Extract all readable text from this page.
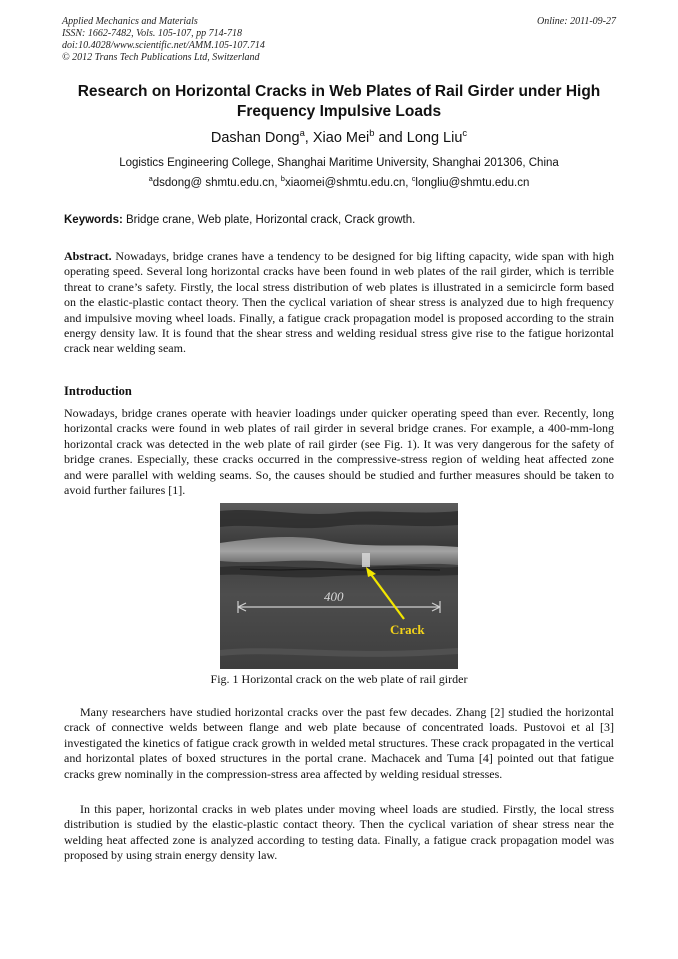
Applied Mechanics and Materials
ISSN: 1662-7482, Vols. 105-107, pp 714-718
doi:10.4028/www.scientific.net/AMM.105-107.714
© 2012 Trans Tech Publications Ltd, Switzerland
Online: 2011-09-27
Research on Horizontal Cracks in Web Plates of Rail Girder under High Frequency Impulsive Loads
Dashan Dong$^a$, Xiao Mei$^b$ and Long Liu$^c$
Logistics Engineering College, Shanghai Maritime University, Shanghai 201306, China
$^a$dsdong@ shmtu.edu.cn, $^b$xiaomei@shmtu.edu.cn, $^c$longliu@shmtu.edu.cn
Keywords: Bridge crane, Web plate, Horizontal crack, Crack growth.
Abstract. Nowadays, bridge cranes have a tendency to be designed for big lifting capacity, wide span with high operating speed. Several long horizontal cracks have been found in web plates of the rail girder, which is terrible threat to crane’s safety. Firstly, the local stress distribution of web plates is illustrated in a semicircle form based on the elastic-plastic contact theory. Then the cyclical variation of shear stress is analyzed due to high frequency and impulsive moving wheel loads. Finally, a fatigue crack propagation model is proposed according to the strain energy density law. It is found that the shear stress and welding residual stress give rise to the fatigue horizontal crack near welding seam.
Introduction
Nowadays, bridge cranes operate with heavier loadings under quicker operating speed than ever. Recently, long horizontal cracks were found in web plates of rail girder in several bridge cranes. For example, a 400-mm-long horizontal crack was detected in the web plate of rail girder (see Fig. 1). It was very dangerous for the safety of bridge cranes. Especially, these cracks occurred in the compressive-stress region of welding heat affected zone and were parallel with welding seams. So, the causes should be studied and further measures should be taken to avoid further failures [1].
400
Crack
Fig. 1 Horizontal crack on the web plate of rail girder
Many researchers have studied horizontal cracks over the past few decades. Zhang [2] studied the horizontal crack of connective welds between flange and web plate because of concentrated loads. Pustovoi et al [3] investigated the kinetics of fatigue crack growth in welded metal structures. These crack propagated in the vertical and horizontal plates of boxed structures in the portal crane. Machacek and Tuma [4] pointed out that fatigue cracks grew nominally in the compression-stress area affected by welding residual stresses.
In this paper, horizontal cracks in web plates under moving wheel loads are studied. Firstly, the local stress distribution is studied by the elastic-plastic contact theory. Then the cyclical variation of shear stress near the welding heat affected zone is analyzed according to testing data. Finally, a fatigue crack propagation model was proposed by using strain energy density law.
